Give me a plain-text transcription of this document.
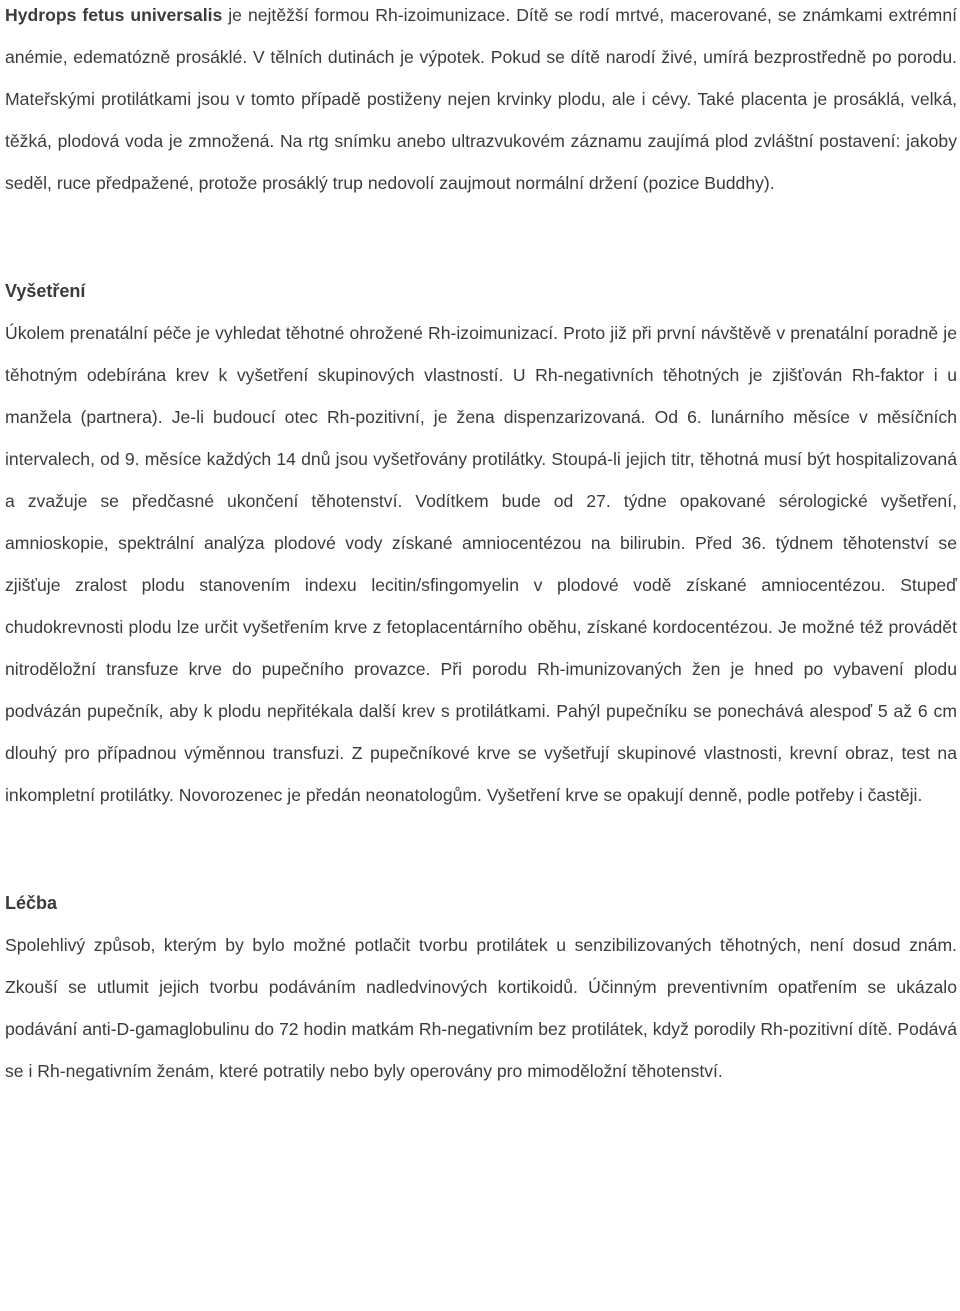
Hydrops fetus universalis je nejtěžší formou Rh-izoimunizace. Dítě se rodí mrtvé, macerované, se známkami extrémní anémie, edematózně prosáklé. V tělních dutinách je výpotek. Pokud se dítě narodí živé, umírá bezprostředně po porodu. Mateřskými protilátkami jsou v tomto případě postiženy nejen krvinky plodu, ale i cévy. Také placenta je prosáklá, velká, těžká, plodová voda je zmnožená. Na rtg snímku anebo ultrazvukovém záznamu zaujímá plod zvláštní postavení: jakoby seděl, ruce předpažené, protože prosáklý trup nedovolí zaujmout normální držení (pozice Buddhy).

Vyšetření

Úkolem prenatální péče je vyhledat těhotné ohrožené Rh-izoimunizací. Proto již při první návštěvě v prenatální poradně je těhotným odebírána krev k vyšetření skupinových vlastností. U Rh-negativních těhotných je zjišťován Rh-faktor i u manžela (partnera). Je-li budoucí otec Rh-pozitivní, je žena dispenzarizovaná. Od 6. lunárního měsíce v měsíčních intervalech, od 9. měsíce každých 14 dnů jsou vyšetřovány protilátky. Stoupá-li jejich titr, těhotná musí být hospitalizovaná a zvažuje se předčasné ukončení těhotenství. Vodítkem bude od 27. týdne opakované sérologické vyšetření, amnioskopie, spektrální analýza plodové vody získané amniocentézou na bilirubin. Před 36. týdnem těhotenství se zjišťuje zralost plodu stanovením indexu lecitin/sfingomyelin v plodové vodě získané amniocentézou. Stupeď chudokrevnosti plodu lze určit vyšetřením krve z fetoplacentárního oběhu, získané kordocentézou. Je možné též provádět nitroděložní transfuze krve do pupečního provazce. Při porodu Rh-imunizovaných žen je hned po vybavení plodu podvázán pupečník, aby k plodu nepřitékala další krev s protilátkami. Pahýl pupečníku se ponechává alespoď 5 až 6 cm dlouhý pro případnou výměnnou transfuzi. Z pupečníkové krve se vyšetřují skupinové vlastnosti, krevní obraz, test na inkompletní protilátky. Novorozenec je předán neonatologům. Vyšetření krve se opakují denně, podle potřeby i častěji.

Léčba

Spolehlivý způsob, kterým by bylo možné potlačit tvorbu protilátek u senzibilizovaných těhotných, není dosud znám. Zkouší se utlumit jejich tvorbu podáváním nadledvinových kortikoidů. Účinným preventivním opatřením se ukázalo podávání anti-D-gamaglobulinu do 72 hodin matkám Rh-negativním bez protilátek, když porodily Rh-pozitivní dítě. Podává se i Rh-negativním ženám, které potratily nebo byly operovány pro mimoděložní těhotenství.
